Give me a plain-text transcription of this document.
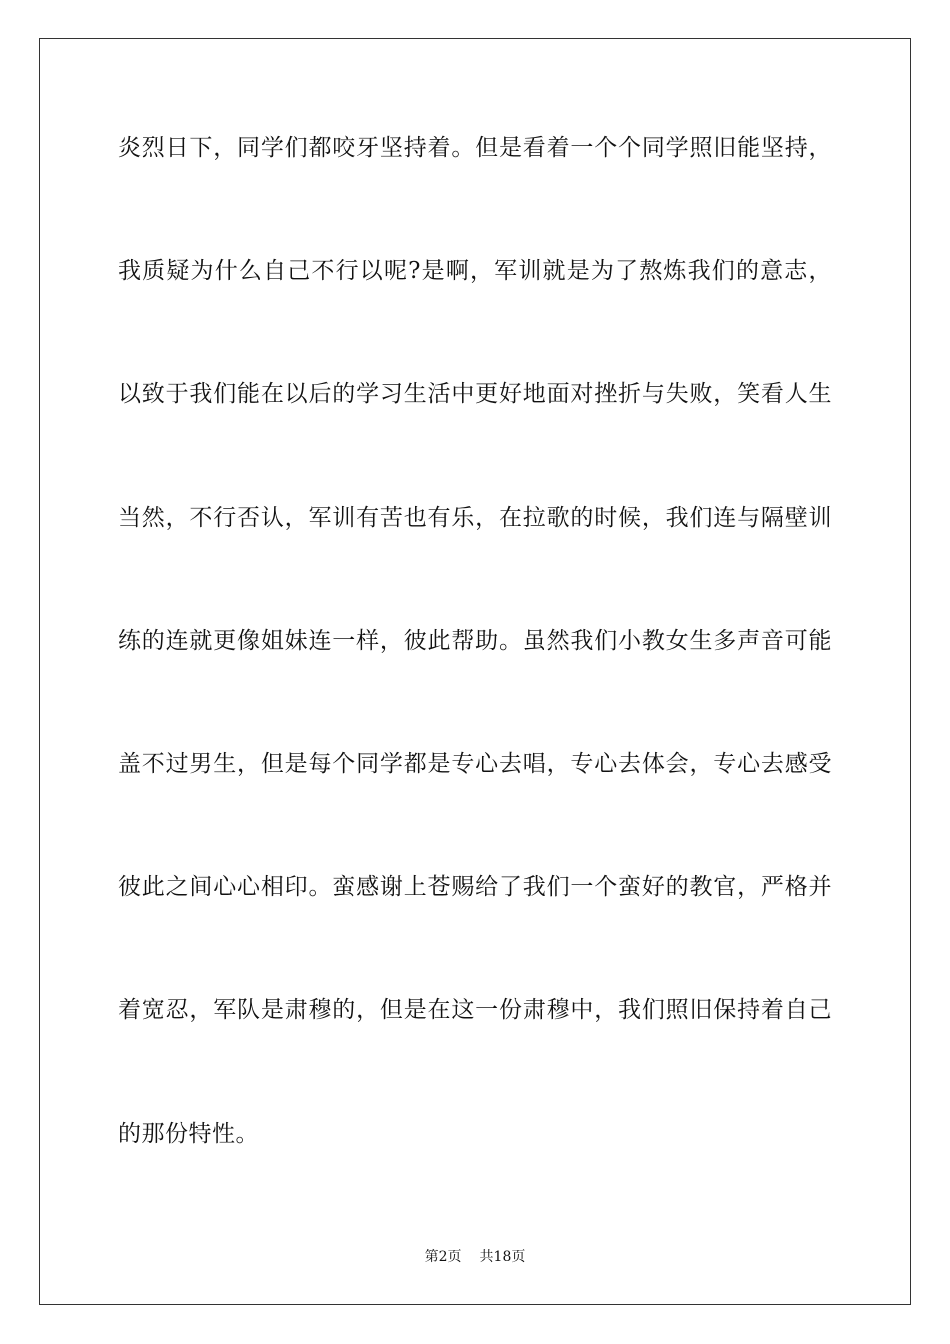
炎烈日下，同学们都咬牙坚持着。但是看着一个个同学照旧能坚持，
我质疑为什么自己不行以呢?是啊，军训就是为了熬炼我们的意志，
以致于我们能在以后的学习生活中更好地面对挫折与失败，笑看人生
当然，不行否认，军训有苦也有乐，在拉歌的时候，我们连与隔壁训
练的连就更像姐妹连一样，彼此帮助。虽然我们小教女生多声音可能
盖不过男生，但是每个同学都是专心去唱，专心去体会，专心去感受
彼此之间心心相印。蛮感谢上苍赐给了我们一个蛮好的教官，严格并
着宽忍，军队是肃穆的，但是在这一份肃穆中，我们照旧保持着自己
的那份特性。
第2页 共18页
